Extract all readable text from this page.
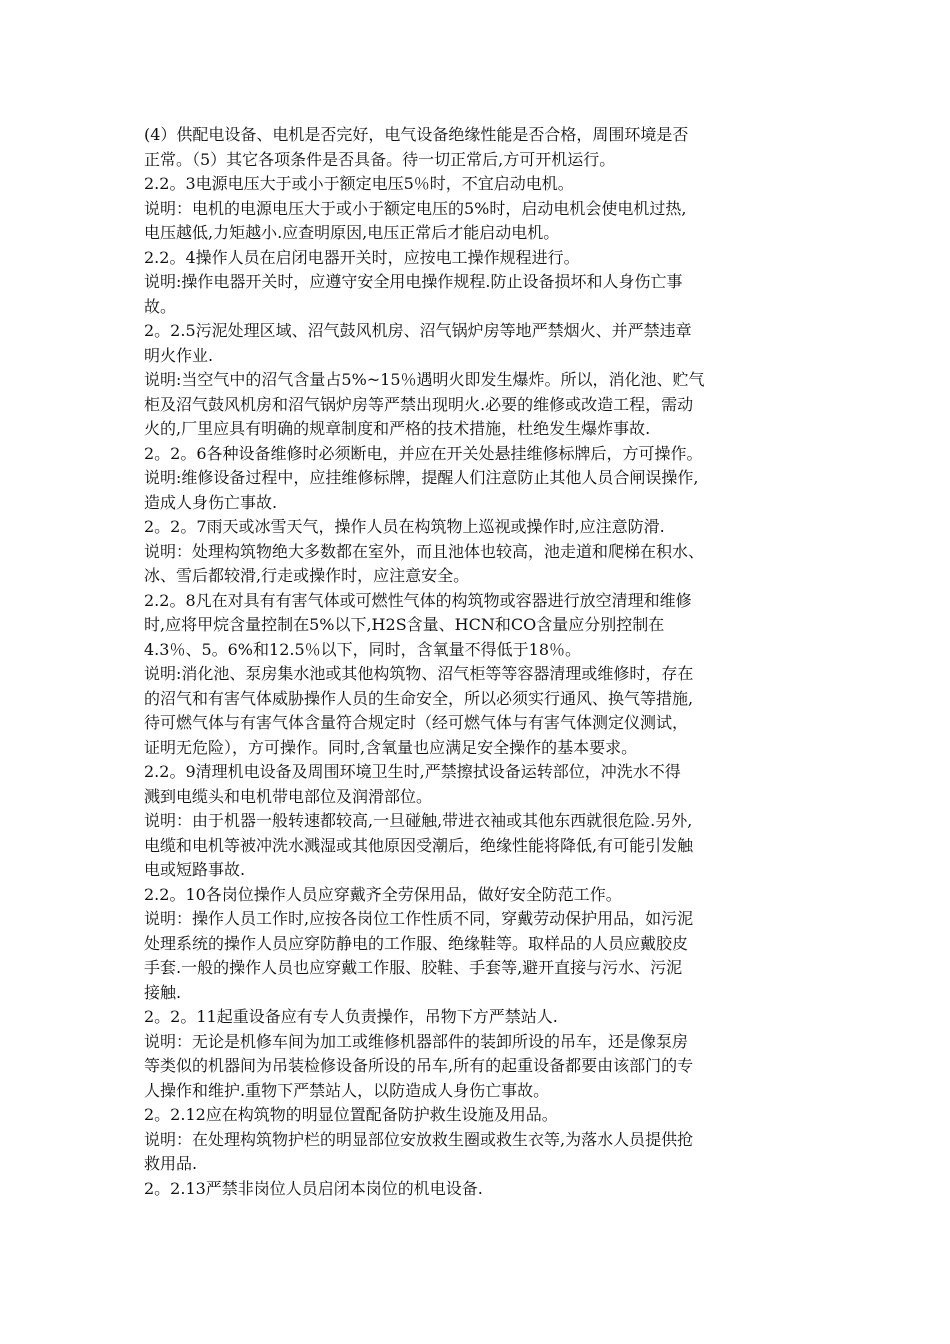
(4）供配电设备、电机是否完好，电气设备绝缘性能是否合格，周围环境是否
正常。（5）其它各项条件是否具备。待一切正常后,方可开机运行。
2.2。3电源电压大于或小于额定电压5％时，不宜启动电机。
说明：电机的电源电压大于或小于额定电压的5%时，启动电机会使电机过热,
电压越低,力矩越小.应查明原因,电压正常后才能启动电机。
2.2。4操作人员在启闭电器开关时，应按电工操作规程进行。
说明:操作电器开关时，应遵守安全用电操作规程.防止设备损坏和人身伤亡事
故。
2。2.5污泥处理区域、沼气鼓风机房、沼气锅炉房等地严禁烟火、并严禁违章
明火作业.
说明:当空气中的沼气含量占5%~15％遇明火即发生爆炸。所以，消化池、贮气
柜及沼气鼓风机房和沼气锅炉房等严禁出现明火.必要的维修或改造工程，需动
火的,厂里应具有明确的规章制度和严格的技术措施，杜绝发生爆炸事故.
2。2。6各种设备维修时必须断电，并应在开关处悬挂维修标牌后，方可操作。
说明:维修设备过程中，应挂维修标牌，提醒人们注意防止其他人员合闸误操作,
造成人身伤亡事故.
2。2。7雨天或冰雪天气，操作人员在构筑物上巡视或操作时,应注意防滑.
说明：处理构筑物绝大多数都在室外，而且池体也较高，池走道和爬梯在积水、
冰、雪后都较滑,行走或操作时，应注意安全。
2.2。8凡在对具有有害气体或可燃性气体的构筑物或容器进行放空清理和维修
时,应将甲烷含量控制在5%以下,H2S含量、HCN和CO含量应分别控制在
4.3％、5。6%和12.5％以下，同时，含氧量不得低于18％。
说明:消化池、泵房集水池或其他构筑物、沼气柜等等容器清理或维修时，存在
的沼气和有害气体威胁操作人员的生命安全，所以必须实行通风、换气等措施,
待可燃气体与有害气体含量符合规定时（经可燃气体与有害气体测定仪测试，
证明无危险），方可操作。同时,含氧量也应满足安全操作的基本要求。
2.2。9清理机电设备及周围环境卫生时,严禁擦拭设备运转部位，冲洗水不得
溅到电缆头和电机带电部位及润滑部位。
说明：由于机器一般转速都较高,一旦碰触,带进衣袖或其他东西就很危险.另外,
电缆和电机等被冲洗水溅湿或其他原因受潮后，绝缘性能将降低,有可能引发触
电或短路事故.
2.2。10各岗位操作人员应穿戴齐全劳保用品，做好安全防范工作。
说明：操作人员工作时,应按各岗位工作性质不同，穿戴劳动保护用品，如污泥
处理系统的操作人员应穿防静电的工作服、绝缘鞋等。取样品的人员应戴胶皮
手套.一般的操作人员也应穿戴工作服、胶鞋、手套等,避开直接与污水、污泥
接触.
2。2。11起重设备应有专人负责操作，吊物下方严禁站人.
说明：无论是机修车间为加工或维修机器部件的装卸所设的吊车，还是像泵房
等类似的机器间为吊装检修设备所设的吊车,所有的起重设备都要由该部门的专
人操作和维护.重物下严禁站人，以防造成人身伤亡事故。
2。2.12应在构筑物的明显位置配备防护救生设施及用品。
说明：在处理构筑物护栏的明显部位安放救生圈或救生衣等,为落水人员提供抢
救用品.
2。2.13严禁非岗位人员启闭本岗位的机电设备.
